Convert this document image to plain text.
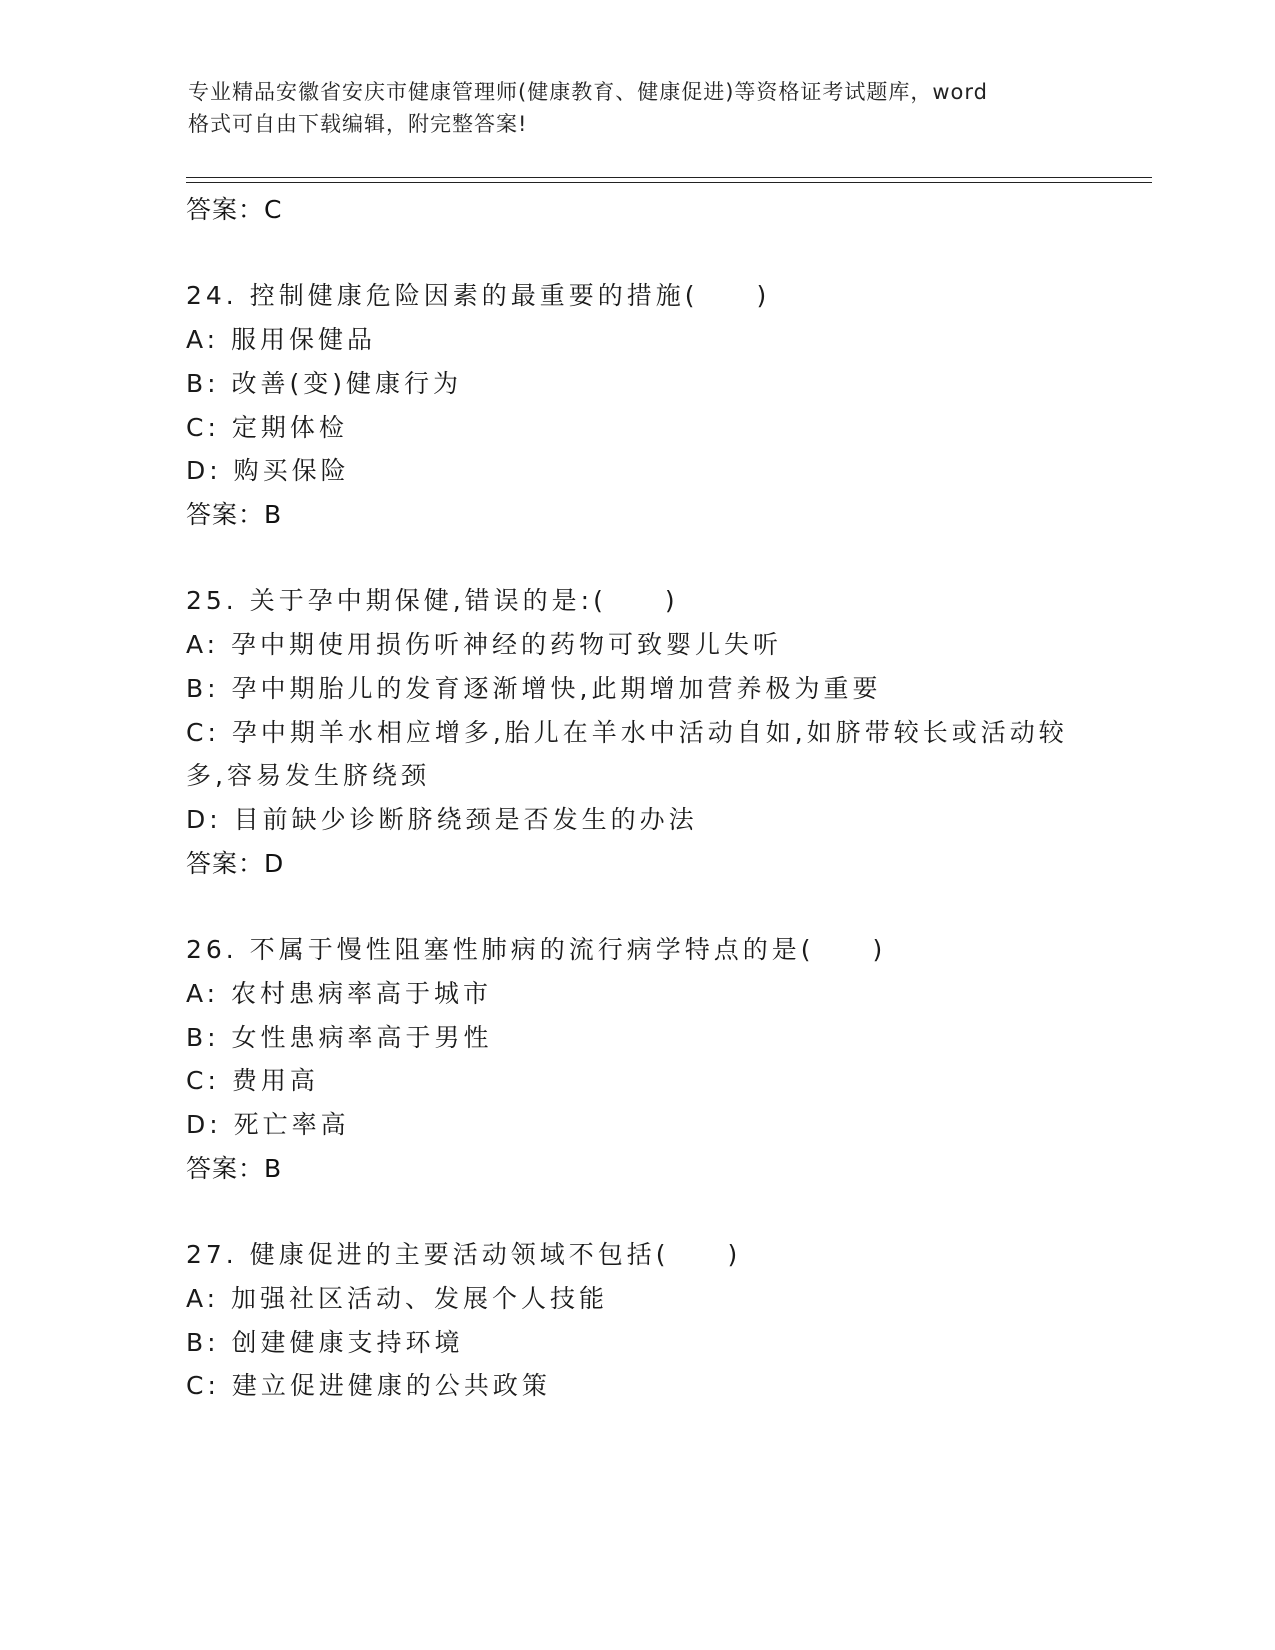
专业精品安徽省安庆市健康管理师(健康教育、健康促进)等资格证考试题库，word
格式可自由下载编辑，附完整答案!
答案：C
24. 控制健康危险因素的最重要的措施(　　)
A: 服用保健品
B: 改善(变)健康行为
C: 定期体检
D: 购买保险
答案：B
25. 关于孕中期保健,错误的是:(　　)
A: 孕中期使用损伤听神经的药物可致婴儿失听
B: 孕中期胎儿的发育逐渐增快,此期增加营养极为重要
C: 孕中期羊水相应增多,胎儿在羊水中活动自如,如脐带较长或活动较
多,容易发生脐绕颈
D: 目前缺少诊断脐绕颈是否发生的办法
答案：D
26. 不属于慢性阻塞性肺病的流行病学特点的是(　　)
A: 农村患病率高于城市
B: 女性患病率高于男性
C: 费用高
D: 死亡率高
答案：B
27. 健康促进的主要活动领域不包括(　　)
A: 加强社区活动、发展个人技能
B: 创建健康支持环境
C: 建立促进健康的公共政策
